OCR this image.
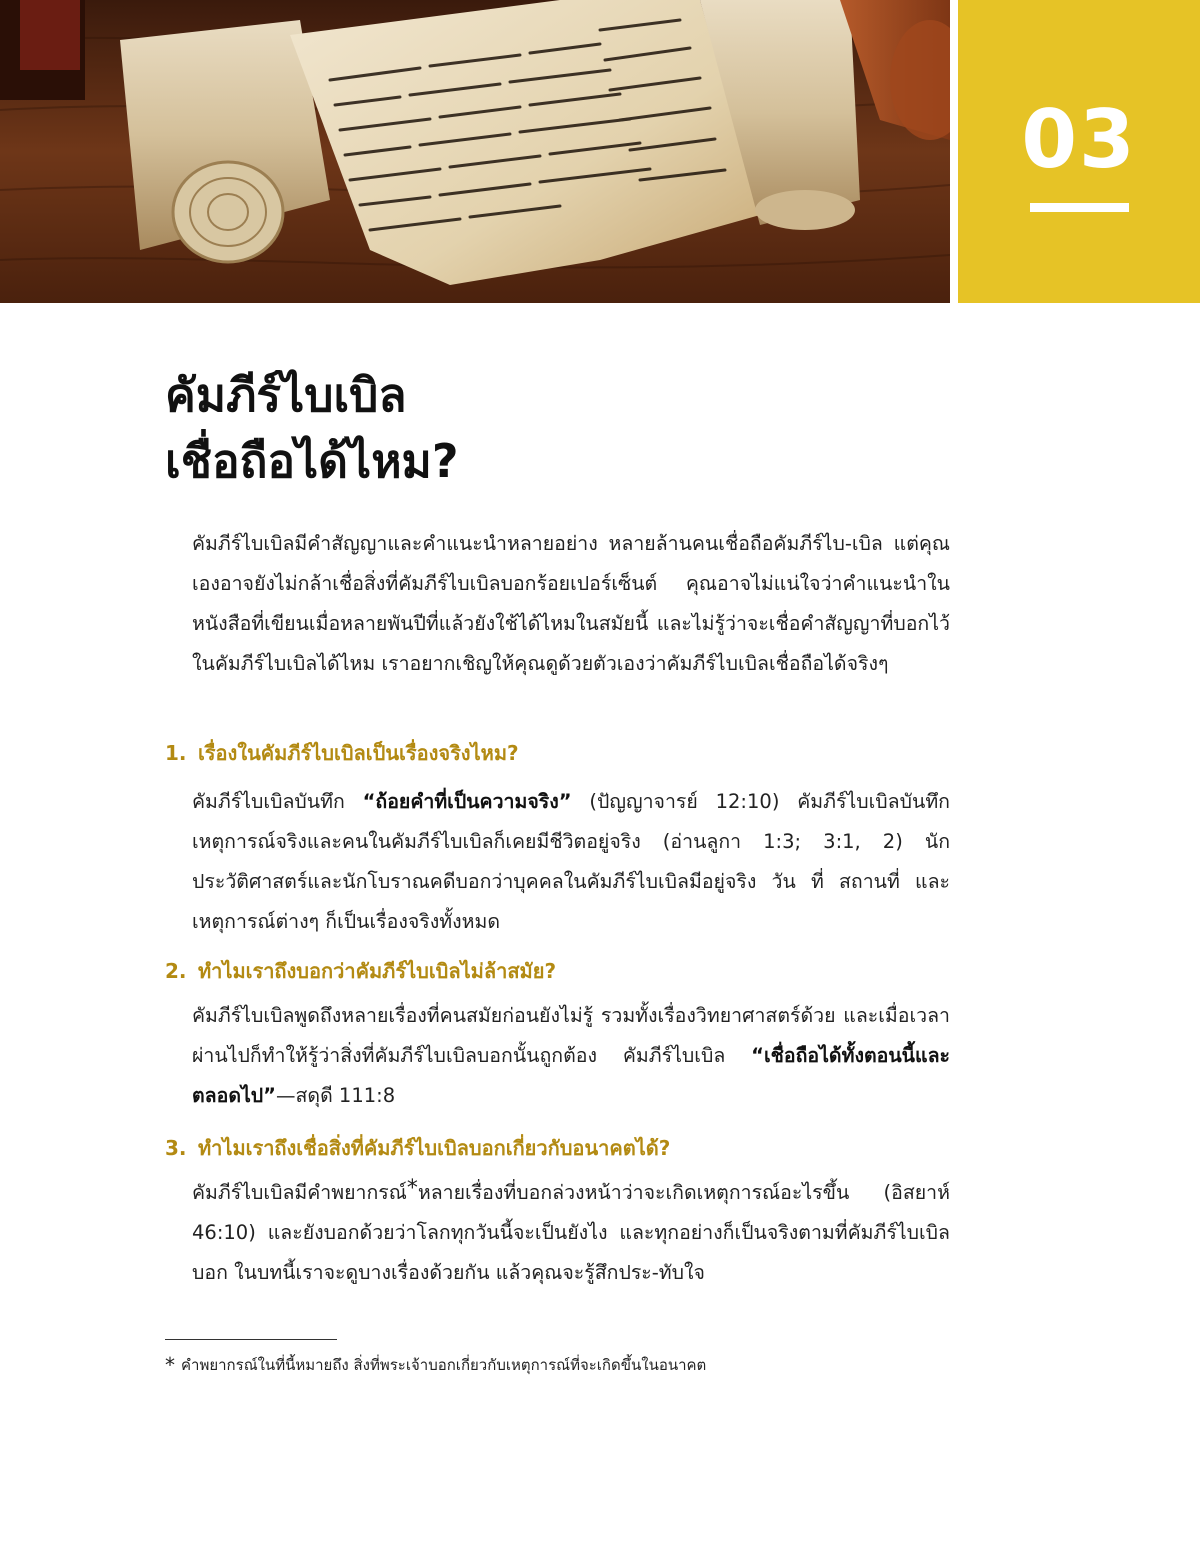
03
คัมภีร์ไบเบิล
เชื่อถือได้ไหม?

คัมภีร์ไบเบิลมีคำสัญญาและคำแนะนำหลายอย่าง หลายล้านคนเชื่อถือคัมภีร์ไบ-เบิล แต่คุณเองอาจยังไม่กล้าเชื่อสิ่งที่คัมภีร์ไบเบิลบอกร้อยเปอร์เซ็นต์ คุณอาจไม่แน่ใจว่าคำแนะนำในหนังสือที่เขียนเมื่อหลายพันปีที่แล้วยังใช้ได้ไหมในสมัยนี้ และไม่รู้ว่าจะเชื่อคำสัญญาที่บอกไว้ในคัมภีร์ไบเบิลได้ไหม เราอยากเชิญให้คุณดูด้วยตัวเองว่าคัมภีร์ไบเบิลเชื่อถือได้จริงๆ

1. เรื่องในคัมภีร์ไบเบิลเป็นเรื่องจริงไหม?

คัมภีร์ไบเบิลบันทึก “ถ้อยคำที่เป็นความจริง” (ปัญญาจารย์ 12:10) คัมภีร์ไบเบิลบันทึกเหตุการณ์จริงและคนในคัมภีร์ไบเบิลก็เคยมีชีวิตอยู่จริง (อ่านลูกา 1:3; 3:1, 2) นักประวัติศาสตร์และนักโบราณคดีบอกว่าบุคคลในคัมภีร์ไบเบิลมีอยู่จริง วัน ที่ สถานที่ และเหตุการณ์ต่างๆ ก็เป็นเรื่องจริงทั้งหมด

2. ทำไมเราถึงบอกว่าคัมภีร์ไบเบิลไม่ล้าสมัย?

คัมภีร์ไบเบิลพูดถึงหลายเรื่องที่คนสมัยก่อนยังไม่รู้ รวมทั้งเรื่องวิทยาศาสตร์ด้วย และเมื่อเวลาผ่านไปก็ทำให้รู้ว่าสิ่งที่คัมภีร์ไบเบิลบอกนั้นถูกต้อง คัมภีร์ไบเบิล “เชื่อถือได้ทั้งตอนนี้และตลอดไป”—สดุดี 111:8

3. ทำไมเราถึงเชื่อสิ่งที่คัมภีร์ไบเบิลบอกเกี่ยวกับอนาคตได้?

คัมภีร์ไบเบิลมีคำพยากรณ์*หลายเรื่องที่บอกล่วงหน้าว่าจะเกิดเหตุการณ์อะไรขึ้น (อิสยาห์ 46:10) และยังบอกด้วยว่าโลกทุกวันนี้จะเป็นยังไง และทุกอย่างก็เป็นจริงตามที่คัมภีร์ไบเบิลบอก ในบทนี้เราจะดูบางเรื่องด้วยกัน แล้วคุณจะรู้สึกประ-ทับใจ

* คำพยากรณ์ในที่นี้หมายถึง สิ่งที่พระเจ้าบอกเกี่ยวกับเหตุการณ์ที่จะเกิดขึ้นในอนาคต
